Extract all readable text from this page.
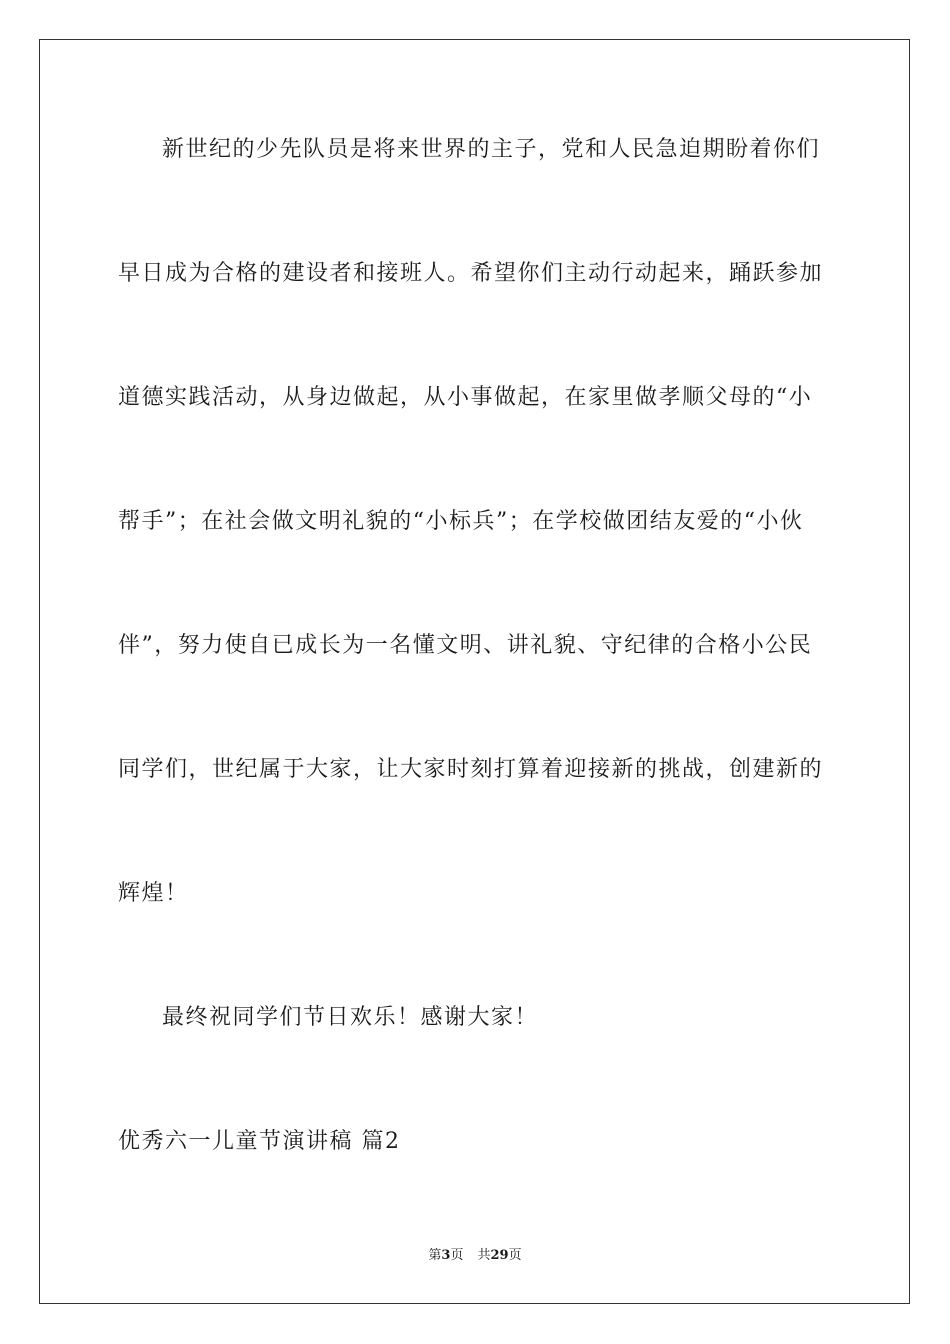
新世纪的少先队员是将来世界的主子，党和人民急迫期盼着你们
早日成为合格的建设者和接班人。希望你们主动行动起来，踊跃参加
道德实践活动，从身边做起，从小事做起，在家里做孝顺父母的“小
帮手”；在社会做文明礼貌的“小标兵”；在学校做团结友爱的“小伙
伴”，努力使自已成长为一名懂文明、讲礼貌、守纪律的合格小公民
同学们，世纪属于大家，让大家时刻打算着迎接新的挑战，创建新的
辉煌！
最终祝同学们节日欢乐！感谢大家！
优秀六一儿童节演讲稿 篇2
第3页 共29页
